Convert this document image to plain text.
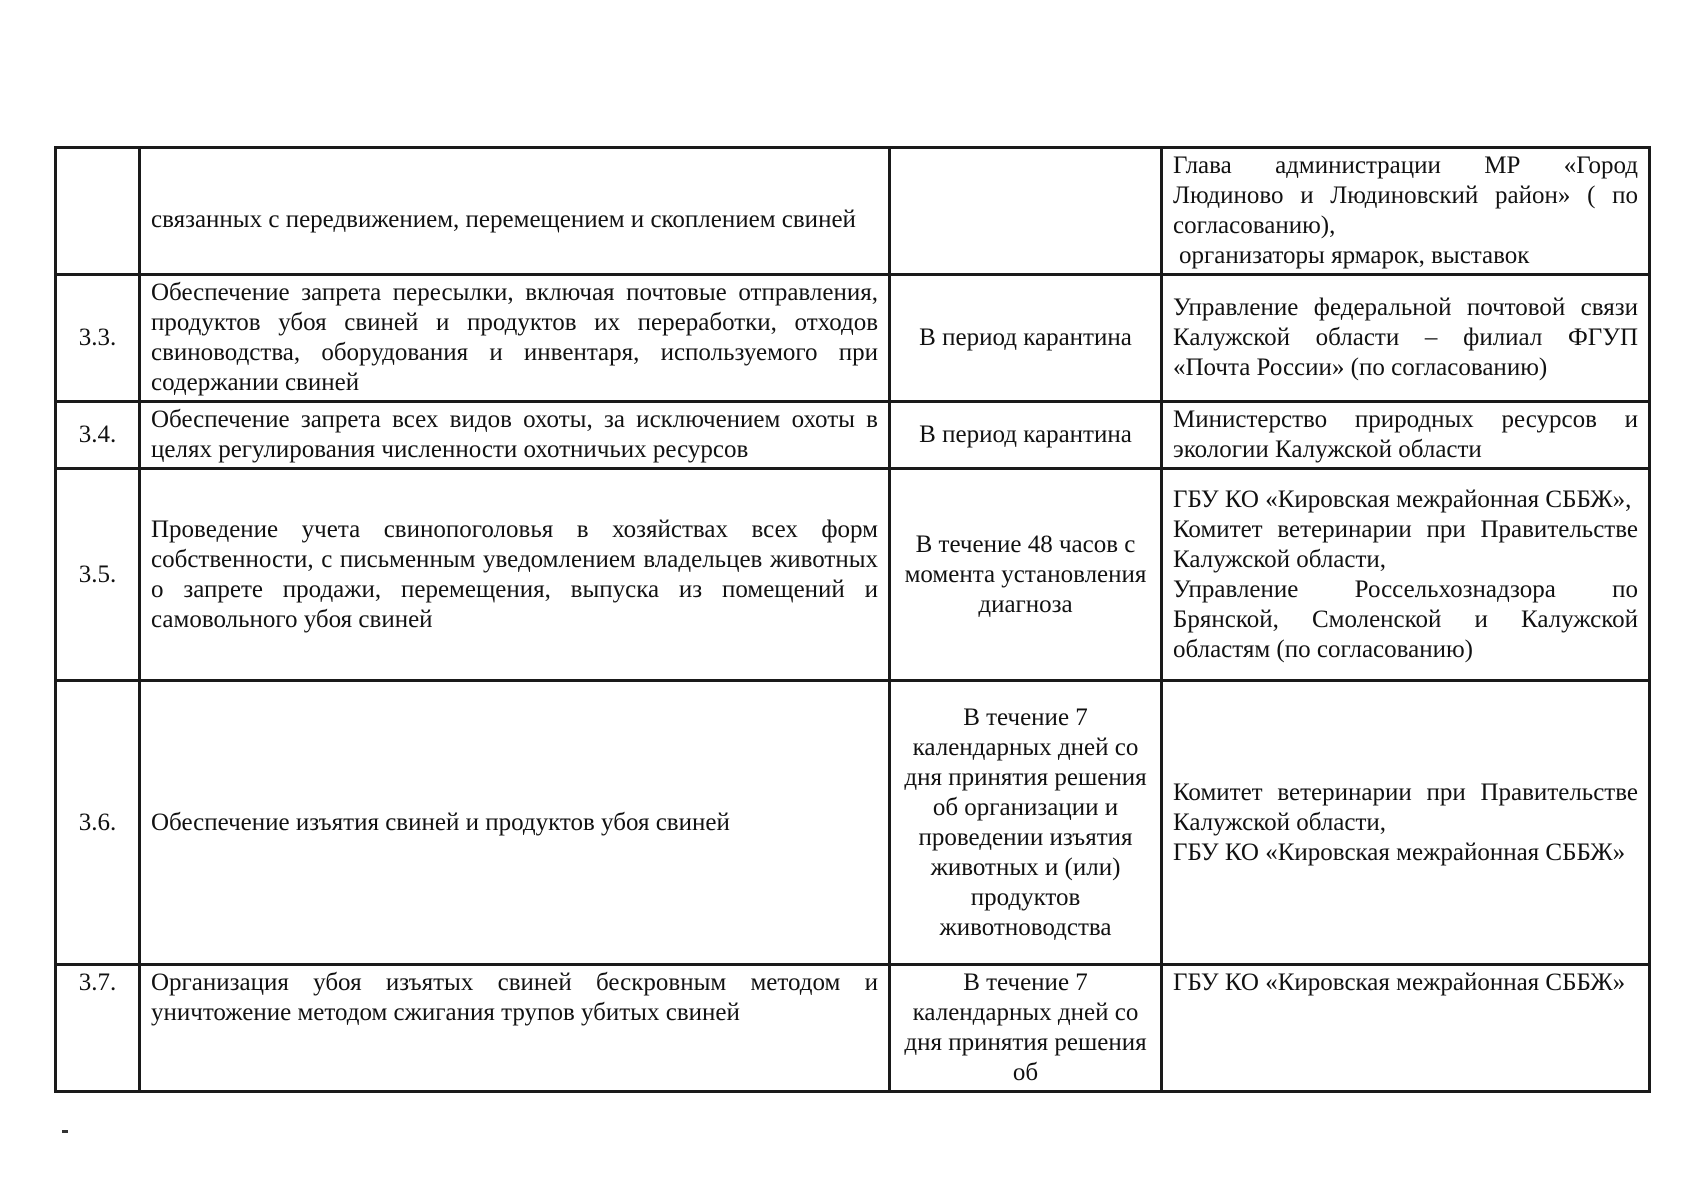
	связанных с передвижением, перемещением и скоплением свиней		Глава администрации МР «Город Людиново и Людиновский район» ( по согласованию),
организаторы ярмарок, выставок

3.3.	Обеспечение запрета пересылки, включая почтовые отправления, продуктов убоя свиней и продуктов их переработки, отходов свиноводства, оборудования и инвентаря, используемого при содержании свиней	В период карантина	Управление федеральной почтовой связи Калужской области – филиал ФГУП «Почта России» (по согласованию)

3.4.	Обеспечение запрета всех видов охоты, за исключением охоты в целях регулирования численности охотничьих ресурсов	В период карантина	Министерство природных ресурсов и экологии Калужской области

3.5.	Проведение учета свинопоголовья в хозяйствах всех форм собственности, с письменным уведомлением владельцев животных о запрете продажи, перемещения, выпуска из помещений и самовольного убоя свиней	В течение 48 часов с момента установления диагноза	ГБУ КО «Кировская межрайонная СББЖ»,
Комитет ветеринарии при Правительстве Калужской области,
Управление Россельхознадзора по Брянской, Смоленской и Калужской областям (по согласованию)

3.6.	Обеспечение изъятия свиней и продуктов убоя свиней	В течение 7 календарных дней со дня принятия решения об организации и проведении изъятия животных и (или) продуктов животноводства	Комитет ветеринарии при Правительстве Калужской области,
ГБУ КО «Кировская межрайонная СББЖ»

3.7.	Организация убоя изъятых свиней бескровным методом и уничтожение методом сжигания трупов убитых свиней	В течение 7 календарных дней со дня принятия решения об	ГБУ КО «Кировская межрайонная СББЖ»
